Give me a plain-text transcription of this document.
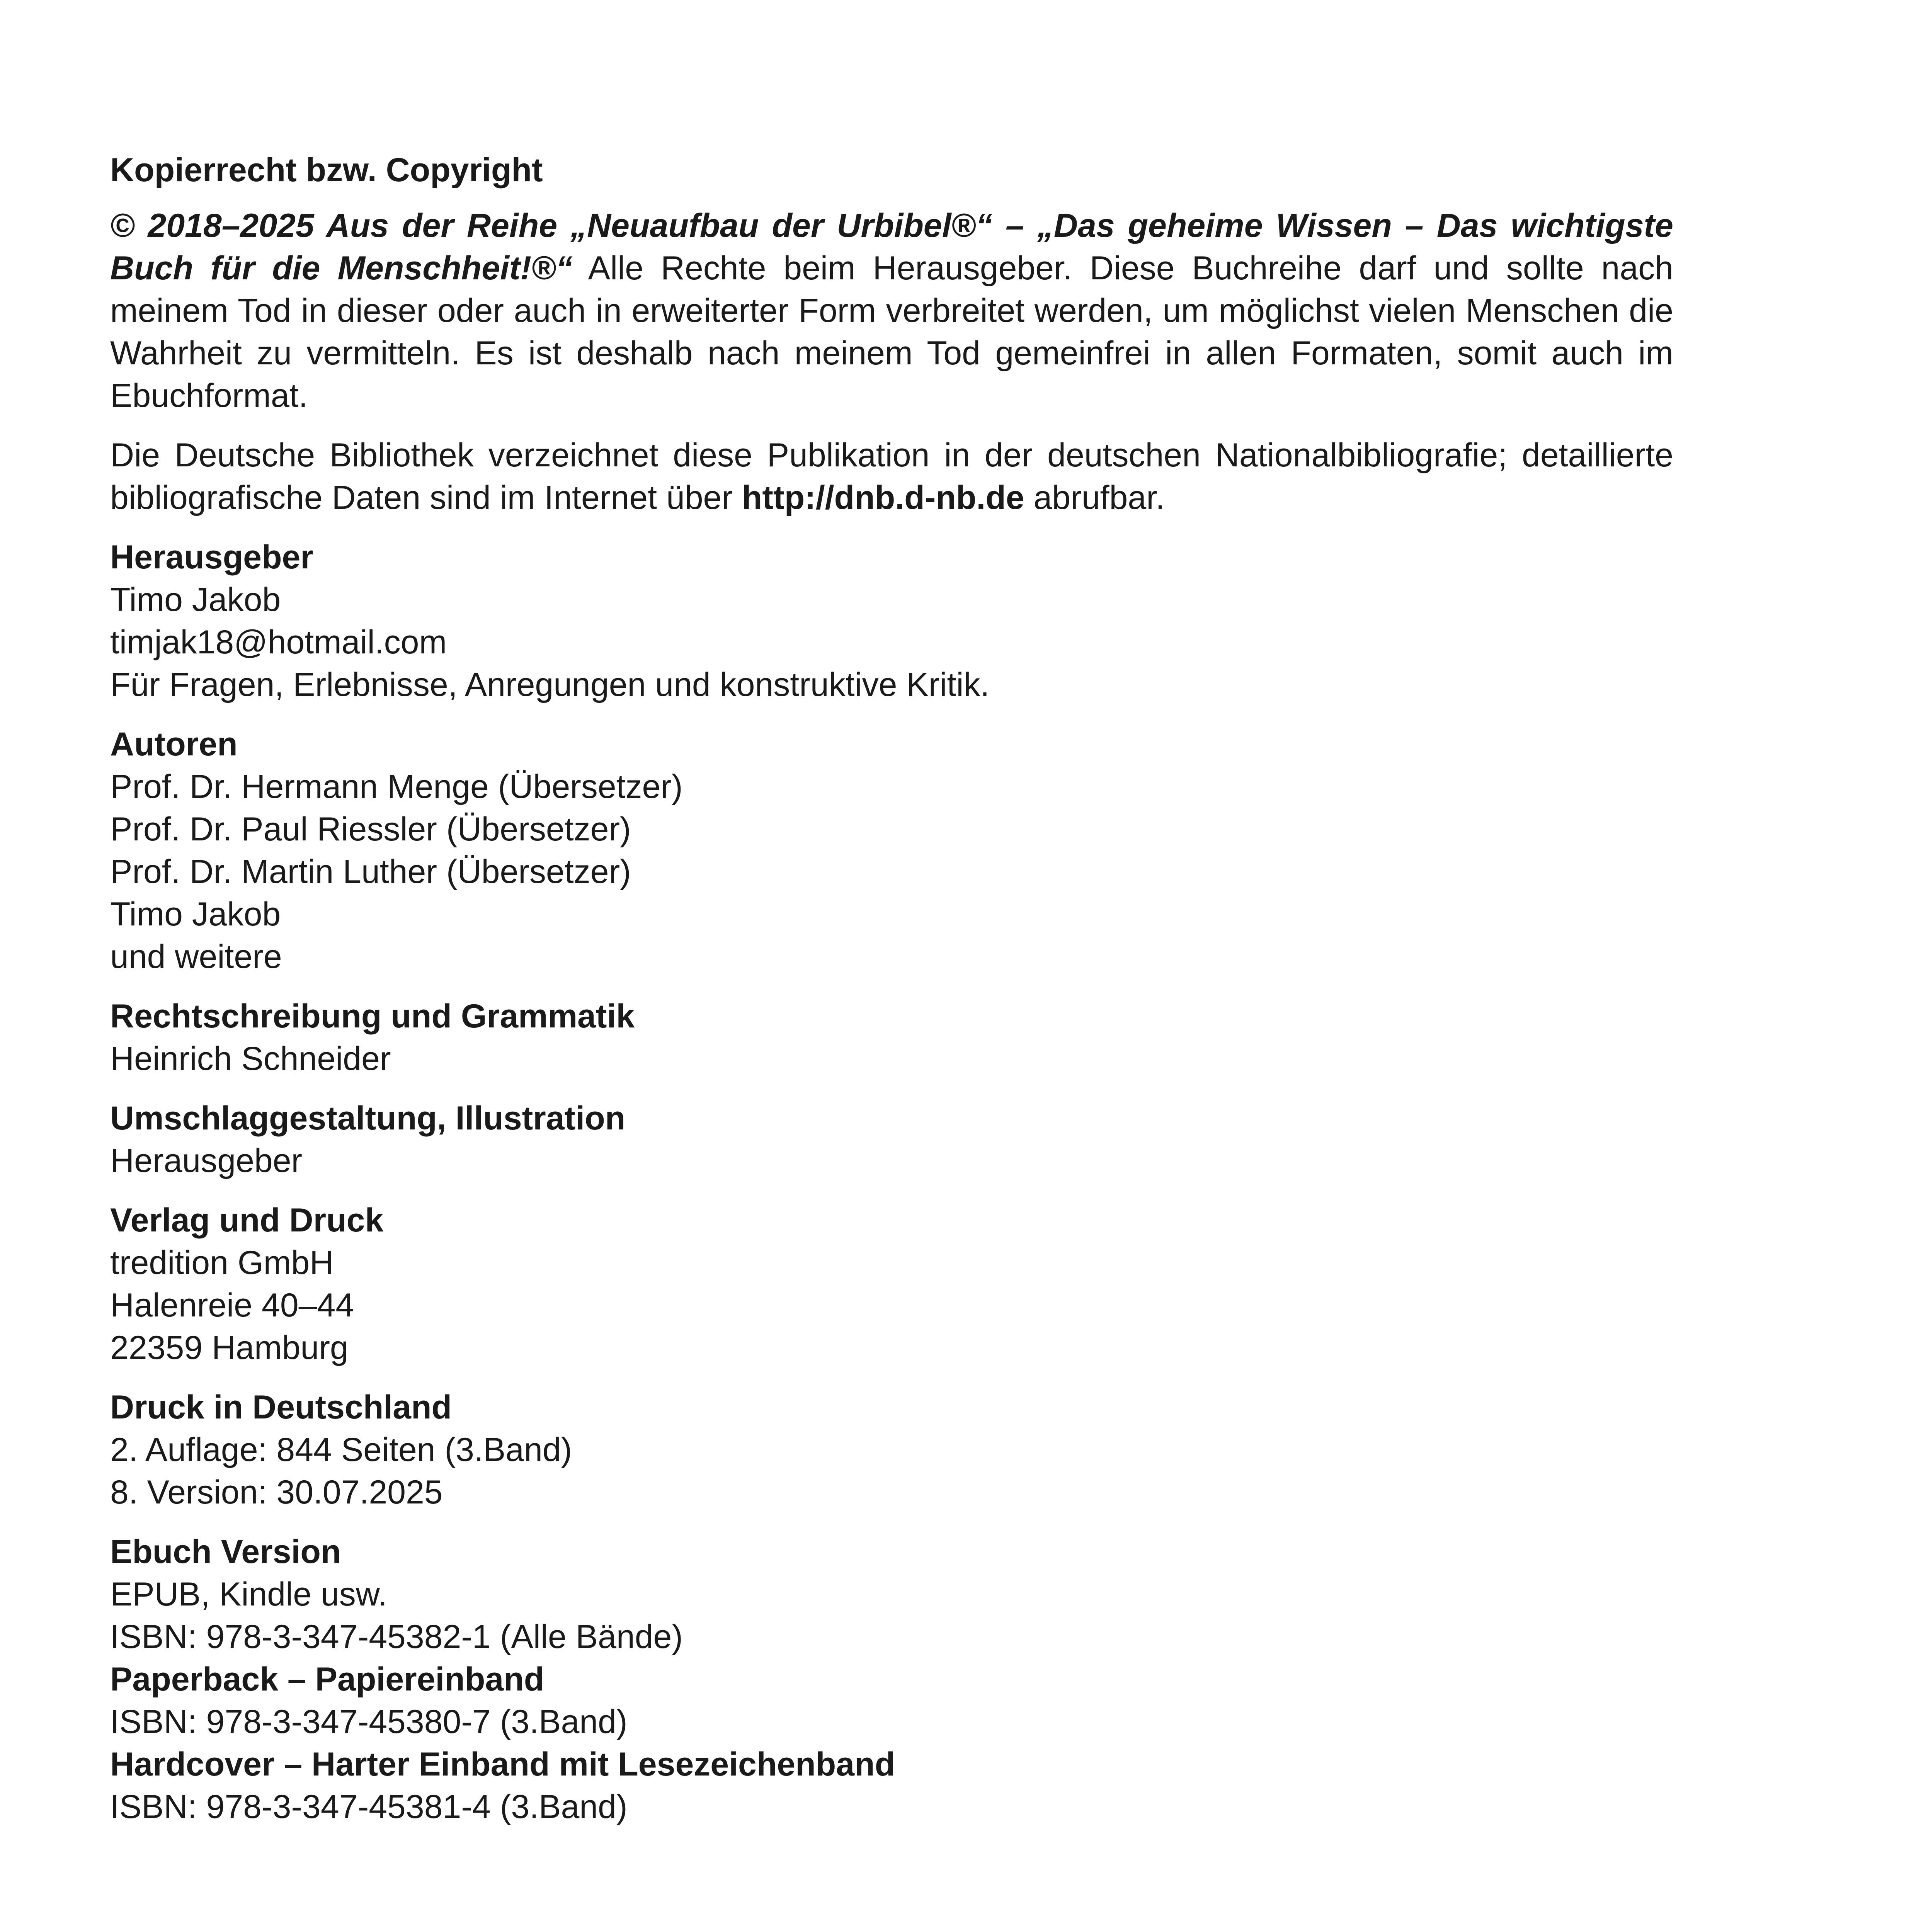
Kopierrecht bzw. Copyright

© 2018–2025 Aus der Reihe „Neuaufbau der Urbibel®“ – „Das geheime Wissen – Das wichtigste Buch für die Menschheit!®“ Alle Rechte beim Herausgeber. Diese Buchreihe darf und sollte nach meinem Tod in dieser oder auch in erweiterter Form verbreitet werden, um möglichst vielen Menschen die Wahrheit zu vermitteln. Es ist deshalb nach meinem Tod gemeinfrei in allen Formaten, somit auch im Ebuchformat.

Die Deutsche Bibliothek verzeichnet diese Publikation in der deutschen Nationalbibliografie; detaillierte bibliografische Daten sind im Internet über http://dnb.d-nb.de abrufbar.

Herausgeber
Timo Jakob
timjak18@hotmail.com
Für Fragen, Erlebnisse, Anregungen und konstruktive Kritik.
Autoren
Prof. Dr. Hermann Menge (Übersetzer)
Prof. Dr. Paul Riessler (Übersetzer)
Prof. Dr. Martin Luther (Übersetzer)
Timo Jakob
und weitere
Rechtschreibung und Grammatik
Heinrich Schneider
Umschlaggestaltung, Illustration
Herausgeber
Verlag und Druck
tredition GmbH
Halenreie 40–44
22359 Hamburg
Druck in Deutschland
2. Auflage: 844 Seiten (3.Band)
8. Version: 30.07.2025
Ebuch Version
EPUB, Kindle usw.
ISBN: 978-3-347-45382-1 (Alle Bände)
Paperback – Papiereinband
ISBN: 978-3-347-45380-7 (3.Band)
Hardcover – Harter Einband mit Lesezeichenband
ISBN: 978-3-347-45381-4 (3.Band)
